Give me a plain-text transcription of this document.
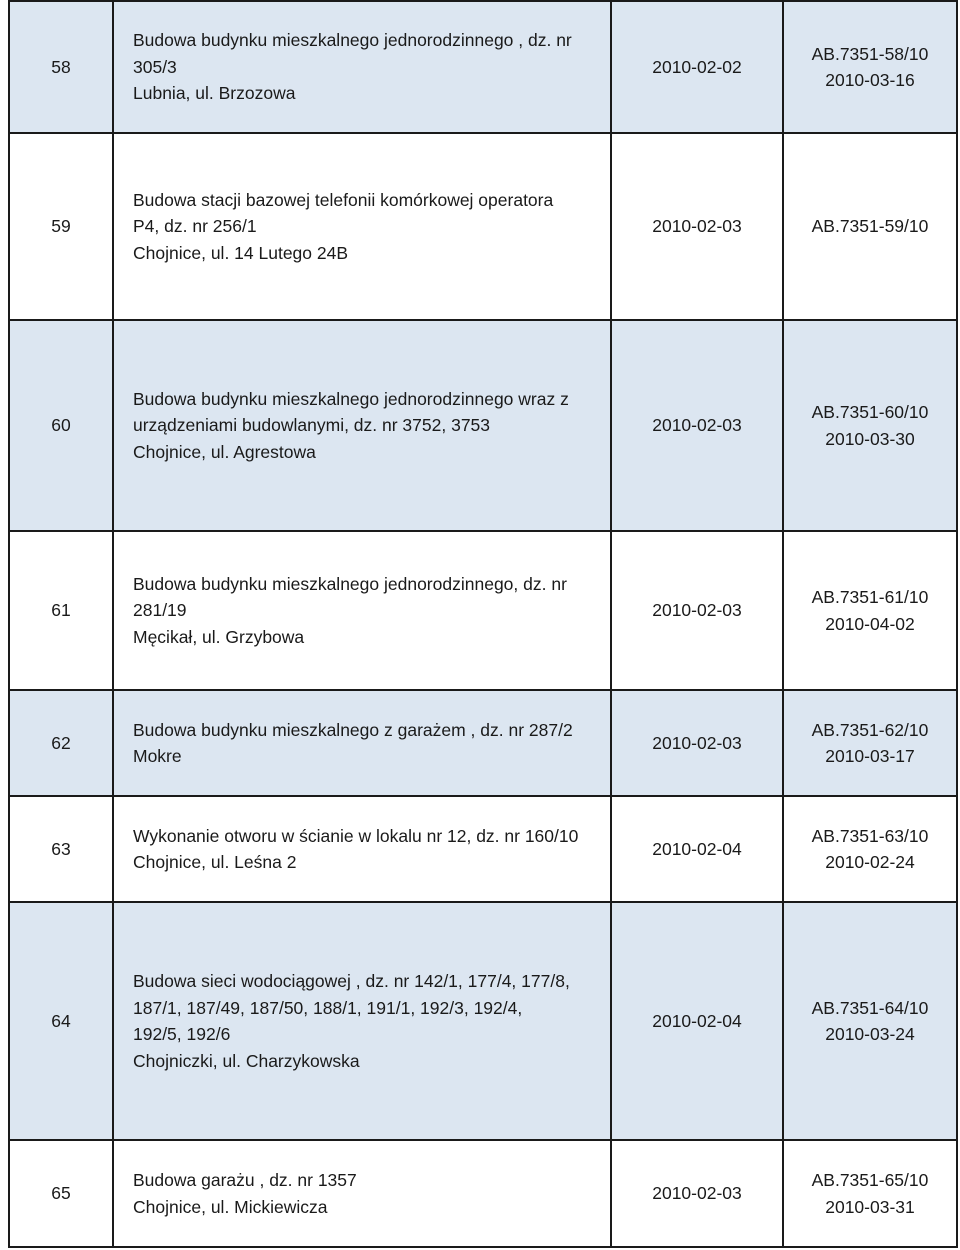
58	Budowa budynku mieszkalnego jednorodzinnego , dz. nr
305/3
Lubnia, ul. Brzozowa	2010-02-02	AB.7351-58/10
2010-03-16

59	Budowa stacji bazowej telefonii komórkowej operatora
P4, dz. nr 256/1
Chojnice, ul. 14 Lutego 24B	2010-02-03	AB.7351-59/10

60	Budowa budynku mieszkalnego jednorodzinnego wraz z
urządzeniami budowlanymi, dz. nr 3752, 3753
Chojnice, ul. Agrestowa	2010-02-03	AB.7351-60/10
2010-03-30

61	Budowa budynku mieszkalnego jednorodzinnego, dz. nr
281/19
Męcikał, ul. Grzybowa	2010-02-03	AB.7351-61/10
2010-04-02

62	Budowa budynku mieszkalnego z garażem , dz. nr 287/2
Mokre	2010-02-03	AB.7351-62/10
2010-03-17

63	Wykonanie otworu w ścianie w lokalu nr 12, dz. nr 160/10
Chojnice, ul. Leśna 2	2010-02-04	AB.7351-63/10
2010-02-24

64	Budowa sieci wodociągowej , dz. nr 142/1, 177/4, 177/8,
187/1, 187/49, 187/50, 188/1, 191/1, 192/3, 192/4,
192/5, 192/6
Chojniczki, ul. Charzykowska	2010-02-04	AB.7351-64/10
2010-03-24

65	Budowa garażu , dz. nr 1357
Chojnice, ul. Mickiewicza	2010-02-03	AB.7351-65/10
2010-03-31
